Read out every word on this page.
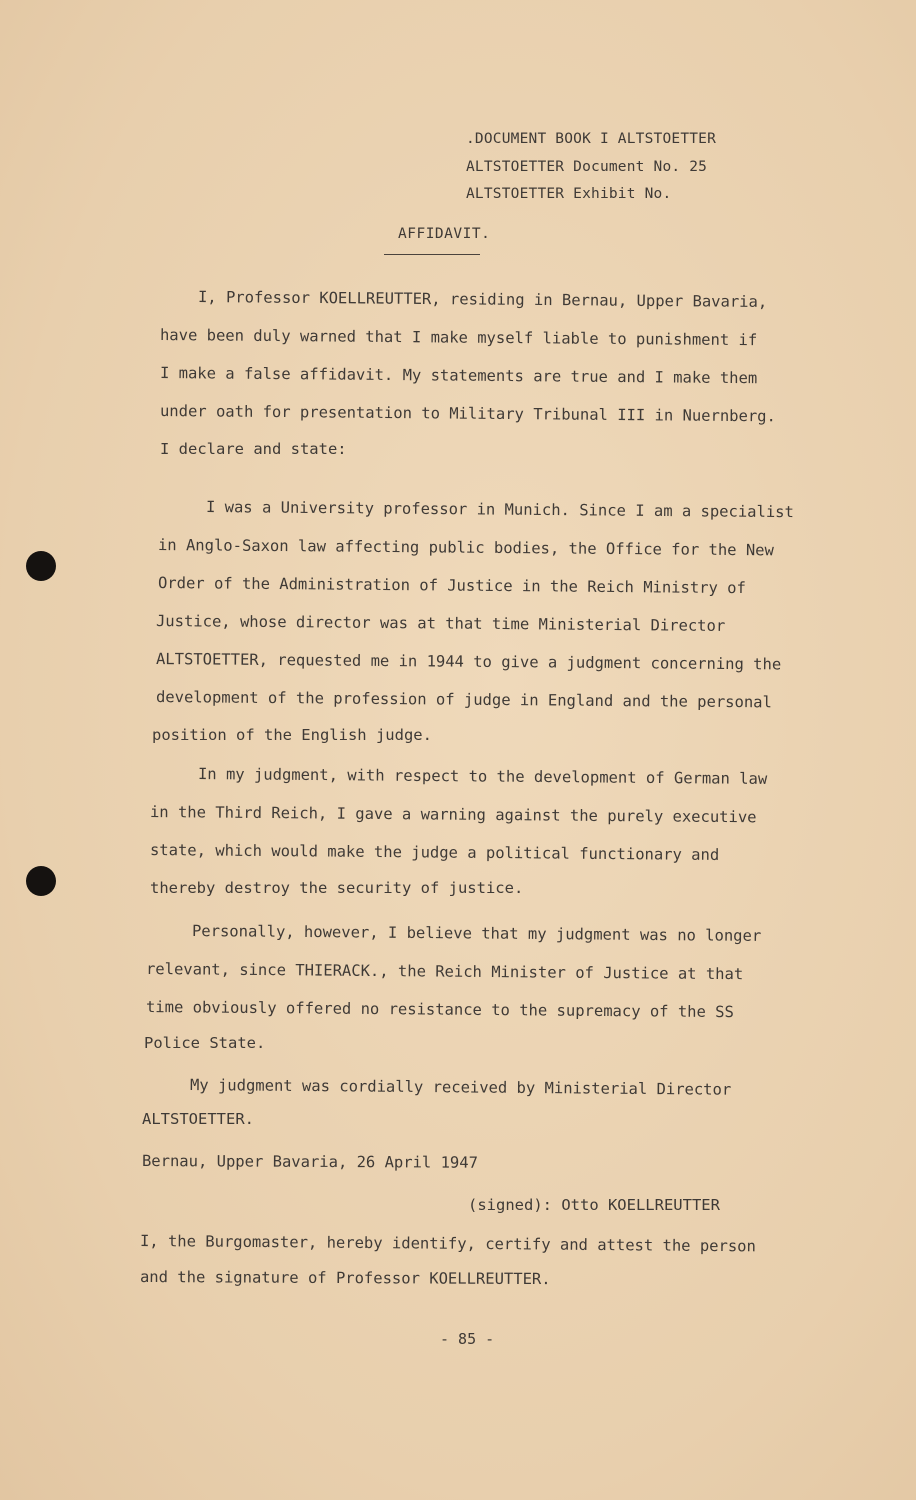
.DOCUMENT BOOK I ALTSTOETTER
ALTSTOETTER Document No. 25
ALTSTOETTER Exhibit No.
AFFIDAVIT.
I, Professor KOELLREUTTER, residing in Bernau, Upper Bavaria,
have been duly warned that I make myself liable to punishment if
I make a false affidavit. My statements are true and I make them
under oath for presentation to Military Tribunal III in Nuernberg.
I declare and state:
I was a University professor in Munich. Since I am a specialist
in Anglo-Saxon law affecting public bodies, the Office for the New
Order of the Administration of Justice in the Reich Ministry of
Justice, whose director was at that time Ministerial Director
ALTSTOETTER, requested me in 1944 to give a judgment concerning the
development of the profession of judge in England and the personal
position of the English judge.
In my judgment, with respect to the development of German law
in the Third Reich, I gave a warning against the purely executive
state, which would make the judge a political functionary and
thereby destroy the security of justice.
Personally, however, I believe that my judgment was no longer
relevant, since THIERACK., the Reich Minister of Justice at that
time obviously offered no resistance to the supremacy of the SS
Police State.
My judgment was cordially received by Ministerial Director
ALTSTOETTER.
Bernau, Upper Bavaria, 26 April 1947
(signed): Otto KOELLREUTTER
I, the Burgomaster, hereby identify, certify and attest the person
and the signature of Professor KOELLREUTTER.
- 85 -
